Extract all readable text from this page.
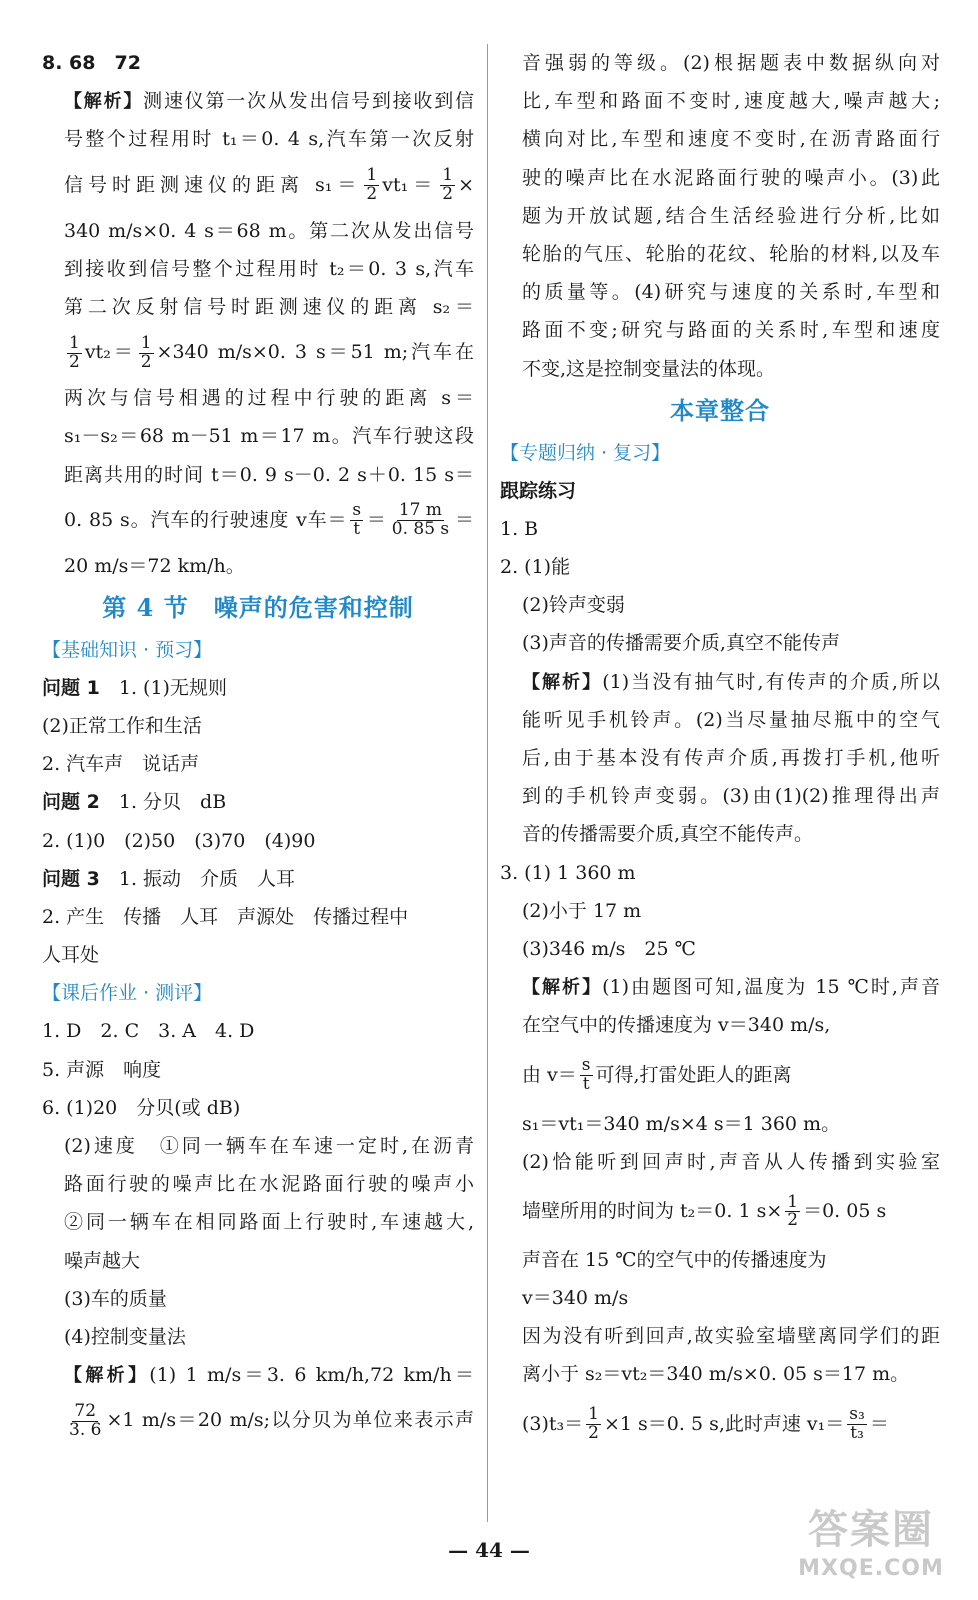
8. 68　72
【解析】测速仪第一次从发出信号到接收到信
号整个过程用时 t₁＝0. 4 s,汽车第一次反射
信号时距测速仪的距离 $s_1= \frac{1}{2} vt_1= \frac{1}{2}$ ×
340 m/s×0. 4 s＝68 m。第二次从发出信号
到接收到信号整个过程用时 t₂＝0. 3 s,汽车
第二次反射信号时距测速仪的距离 s₂＝
$\frac{1}{2} vt_2= \frac{1}{2} \times 340$ m/s×0. 3 s＝51 m;汽车在
两次与信号相遇的过程中行驶的距离 s＝
s₁－s₂＝68 m－51 m＝17 m。汽车行驶这段
距离共用的时间 t＝0. 9 s－0. 2 s＋0. 15 s＝
0. 85 s。汽车的行驶速度 v车＝ $\frac{s}{t} = \frac{17 m}{0. 85 s}$ ＝
20 m/s＝72 km/h。
第 4 节　噪声的危害和控制
【基础知识 · 预习】
问题 1　 1. (1)无规则
(2)正常工作和生活
2. 汽车声　说话声
问题 2　 1. 分贝　dB
2. (1)0　(2)50　(3)70　(4)90
问题 3　 1. 振动　介质　人耳
2. 产生　传播　人耳　声源处　传播过程中
人耳处
【课后作业 · 测评】
1. D　2. C　3. A　4. D
5. 声源　响度
6. (1)20　分贝(或 dB)
(2)速度　①同一辆车在车速一定时,在沥青
路面行驶的噪声比在水泥路面行驶的噪声小
②同一辆车在相同路面上行驶时,车速越大,
噪声越大
(3)车的质量
(4)控制变量法
【解析】(1) 1 m/s＝3. 6 km/h,72 km/h＝
$\frac{72}{3. 6} \times 1$ m/s＝20 m/s;以分贝为单位来表示声
音强弱的等级。(2)根据题表中数据纵向对
比,车型和路面不变时,速度越大,噪声越大;
横向对比,车型和速度不变时,在沥青路面行
驶的噪声比在水泥路面行驶的噪声小。(3)此
题为开放试题,结合生活经验进行分析,比如
轮胎的气压、轮胎的花纹、轮胎的材料,以及车
的质量等。(4)研究与速度的关系时,车型和
路面不变;研究与路面的关系时,车型和速度
不变,这是控制变量法的体现。
本章整合
【专题归纳 · 复习】
跟踪练习
1. B
2. (1)能
(2)铃声变弱
(3)声音的传播需要介质,真空不能传声
【解析】(1)当没有抽气时,有传声的介质,所以
能听见手机铃声。(2)当尽量抽尽瓶中的空气
后,由于基本没有传声介质,再拨打手机,他听
到的手机铃声变弱。(3)由(1)(2)推理得出声
音的传播需要介质,真空不能传声。
3. (1) 1 360 m
(2)小于 17 m
(3)346 m/s　25 ℃
【解析】(1)由题图可知,温度为 15 ℃时,声音
在空气中的传播速度为 v＝340 m/s,
由 $v= \frac{s}{t}$ 可得,打雷处距人的距离
s₁＝vt₁＝340 m/s×4 s＝1 360 m。
(2)恰能听到回声时,声音从人传播到实验室
墙壁所用的时间为 t₂＝0. 1 $s\times \frac{1}{2} =0$. 05 s
声音在 15 ℃的空气中的传播速度为
v＝340 m/s
因为没有听到回声,故实验室墙壁离同学们的距
离小于 s₂＝vt₂＝340 m/s×0. 05 s＝17 m。
$(3)t_3= \frac{1}{2} \times 1$ s＝0. 5 s,此时声速 $v_1= \frac{\text{s₃}}{\text{t₃}}$ ＝
— 44 —	答案圈
MXQE.COM
